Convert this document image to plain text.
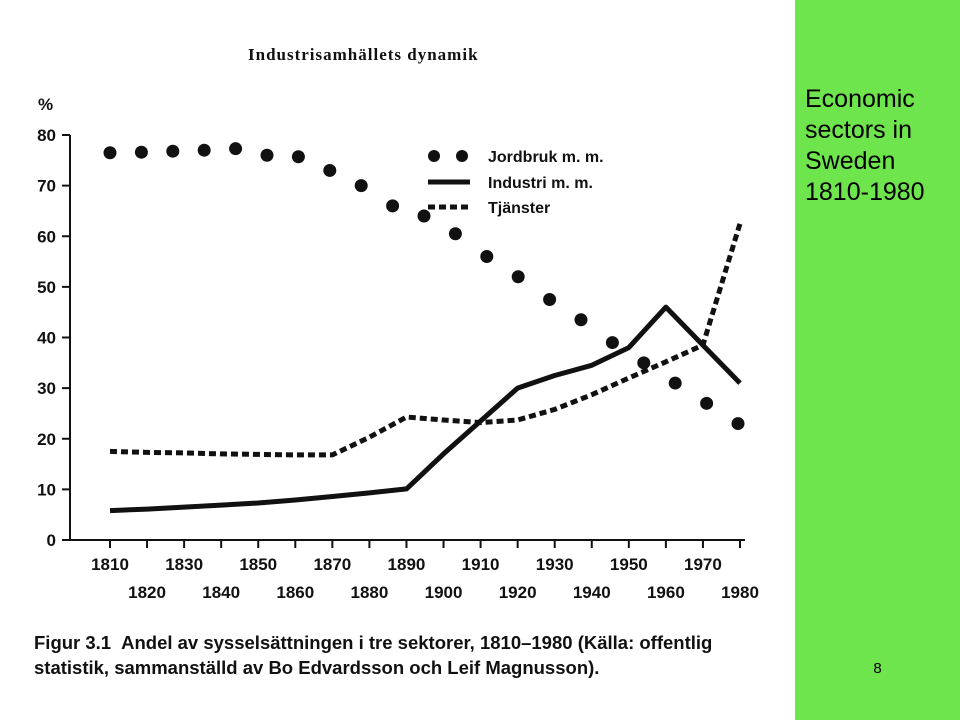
Industrisamhällets dynamik
%
0
10
20
30
40
50
60
70
80
1810 1830 1850 1870 1890 1910 1930 1950 1970
1820 1840 1860 1880 1900 1920 1940 1960 1980
Jordbruk m. m.
Industri m. m.
Tjänster
Figur 3.1 Andel av sysselsättningen i tre sektorer, 1810–1980 (Källa: offentlig statistik, sammanställd av Bo Edvardsson och Leif Magnusson).
Economic sectors in Sweden 1810-1980
8
